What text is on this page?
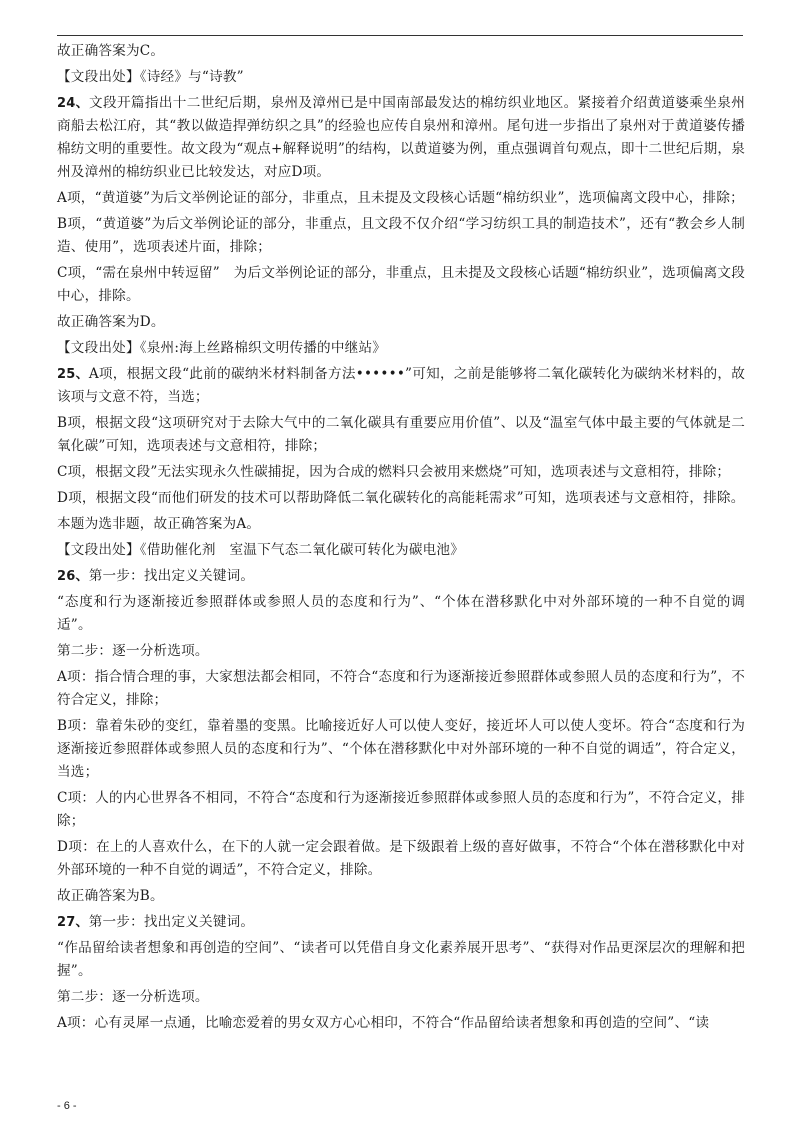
故正确答案为C。

【文段出处】《诗经》与“诗教”

24、文段开篇指出十二世纪后期，泉州及漳州已是中国南部最发达的棉纺织业地区。紧接着介绍黄道婆乘坐泉州商船去松江府，其“教以做造捍弹纺织之具”的经验也应传自泉州和漳州。尾句进一步指出了泉州对于黄道婆传播棉纺文明的重要性。故文段为“观点+解释说明”的结构，以黄道婆为例，重点强调首句观点，即十二世纪后期，泉州及漳州的棉纺织业已比较发达，对应D项。

A项，“黄道婆”为后文举例论证的部分，非重点，且未提及文段核心话题“棉纺织业”，选项偏离文段中心，排除；

B项，“黄道婆”为后文举例论证的部分，非重点，且文段不仅介绍“学习纺织工具的制造技术”，还有“教会乡人制造、使用”，选项表述片面，排除；

C项，“需在泉州中转逗留”　为后文举例论证的部分，非重点，且未提及文段核心话题“棉纺织业”，选项偏离文段中心，排除。

故正确答案为D。

【文段出处】《泉州:海上丝路棉织文明传播的中继站》

25、A项，根据文段“此前的碳纳米材料制备方法••••••”可知，之前是能够将二氧化碳转化为碳纳米材料的，故该项与文意不符，当选；

B项，根据文段“这项研究对于去除大气中的二氧化碳具有重要应用价值”、以及“温室气体中最主要的气体就是二氧化碳”可知，选项表述与文意相符，排除；

C项，根据文段”无法实现永久性碳捕捉，因为合成的燃料只会被用来燃烧”可知，选项表述与文意相符，排除；

D项，根据文段“而他们研发的技术可以帮助降低二氧化碳转化的高能耗需求”可知，选项表述与文意相符，排除。

本题为选非题，故正确答案为A。

【文段出处】《借助催化剂　室温下气态二氧化碳可转化为碳电池》

26、第一步：找出定义关键词。

“态度和行为逐渐接近参照群体或参照人员的态度和行为”、“个体在潜移默化中对外部环境的一种不自觉的调适”。

第二步：逐一分析选项。

A项：指合情合理的事，大家想法都会相同，不符合“态度和行为逐渐接近参照群体或参照人员的态度和行为”，不符合定义，排除；

B项：靠着朱砂的变红，靠着墨的变黑。比喻接近好人可以使人变好，接近坏人可以使人变坏。符合“态度和行为逐渐接近参照群体或参照人员的态度和行为”、“个体在潜移默化中对外部环境的一种不自觉的调适”，符合定义，当选；

C项：人的内心世界各不相同，不符合“态度和行为逐渐接近参照群体或参照人员的态度和行为”，不符合定义，排除；

D项：在上的人喜欢什么，在下的人就一定会跟着做。是下级跟着上级的喜好做事，不符合“个体在潜移默化中对外部环境的一种不自觉的调适”，不符合定义，排除。

故正确答案为B。

27、第一步：找出定义关键词。

“作品留给读者想象和再创造的空间”、“读者可以凭借自身文化素养展开思考”、“获得对作品更深层次的理解和把握”。

第二步：逐一分析选项。

A项：心有灵犀一点通，比喻恋爱着的男女双方心心相印，不符合“作品留给读者想象和再创造的空间”、“读

- 6 -
